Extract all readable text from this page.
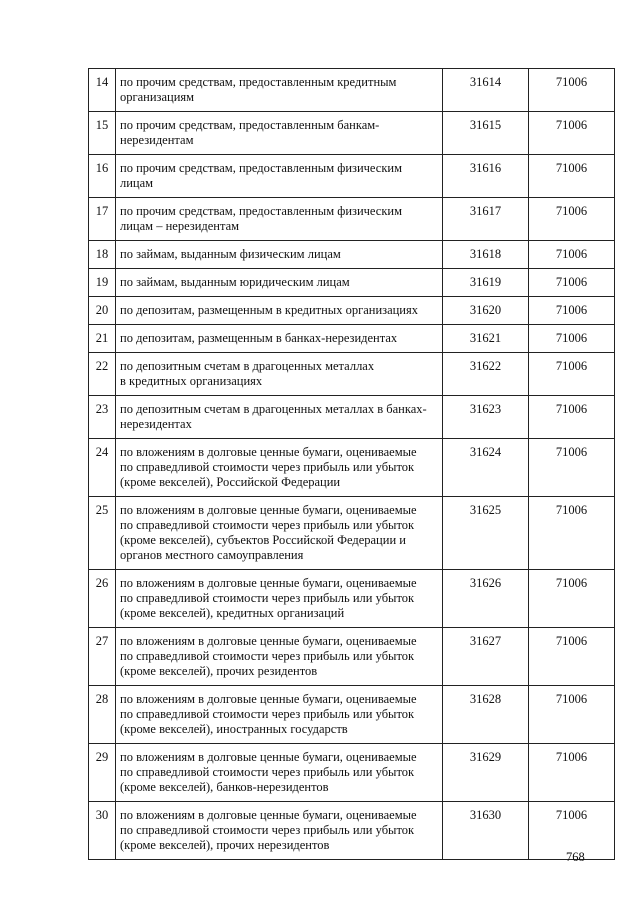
14	по прочим средствам, предоставленным кредитным
организациям	31614	71006
15	по прочим средствам, предоставленным банкам-
нерезидентам	31615	71006
16	по прочим средствам, предоставленным физическим
лицам	31616	71006
17	по прочим средствам, предоставленным физическим
лицам – нерезидентам	31617	71006
18	по займам, выданным физическим лицам	31618	71006
19	по займам, выданным юридическим лицам	31619	71006
20	по депозитам, размещенным в кредитных организациях	31620	71006
21	по депозитам, размещенным в банках-нерезидентах	31621	71006
22	по депозитным счетам в драгоценных металлах
в кредитных организациях	31622	71006
23	по депозитным счетам в драгоценных металлах в банках-
нерезидентах	31623	71006
24	по вложениям в долговые ценные бумаги, оцениваемые
по справедливой стоимости через прибыль или убыток
(кроме векселей), Российской Федерации	31624	71006
25	по вложениям в долговые ценные бумаги, оцениваемые
по справедливой стоимости через прибыль или убыток
(кроме векселей), субъектов Российской Федерации и
органов местного самоуправления	31625	71006
26	по вложениям в долговые ценные бумаги, оцениваемые
по справедливой стоимости через прибыль или убыток
(кроме векселей), кредитных организаций	31626	71006
27	по вложениям в долговые ценные бумаги, оцениваемые
по справедливой стоимости через прибыль или убыток
(кроме векселей), прочих резидентов	31627	71006
28	по вложениям в долговые ценные бумаги, оцениваемые
по справедливой стоимости через прибыль или убыток
(кроме векселей), иностранных государств	31628	71006
29	по вложениям в долговые ценные бумаги, оцениваемые
по справедливой стоимости через прибыль или убыток
(кроме векселей), банков-нерезидентов	31629	71006
30	по вложениям в долговые ценные бумаги, оцениваемые
по справедливой стоимости через прибыль или убыток
(кроме векселей), прочих нерезидентов	31630	71006
768
